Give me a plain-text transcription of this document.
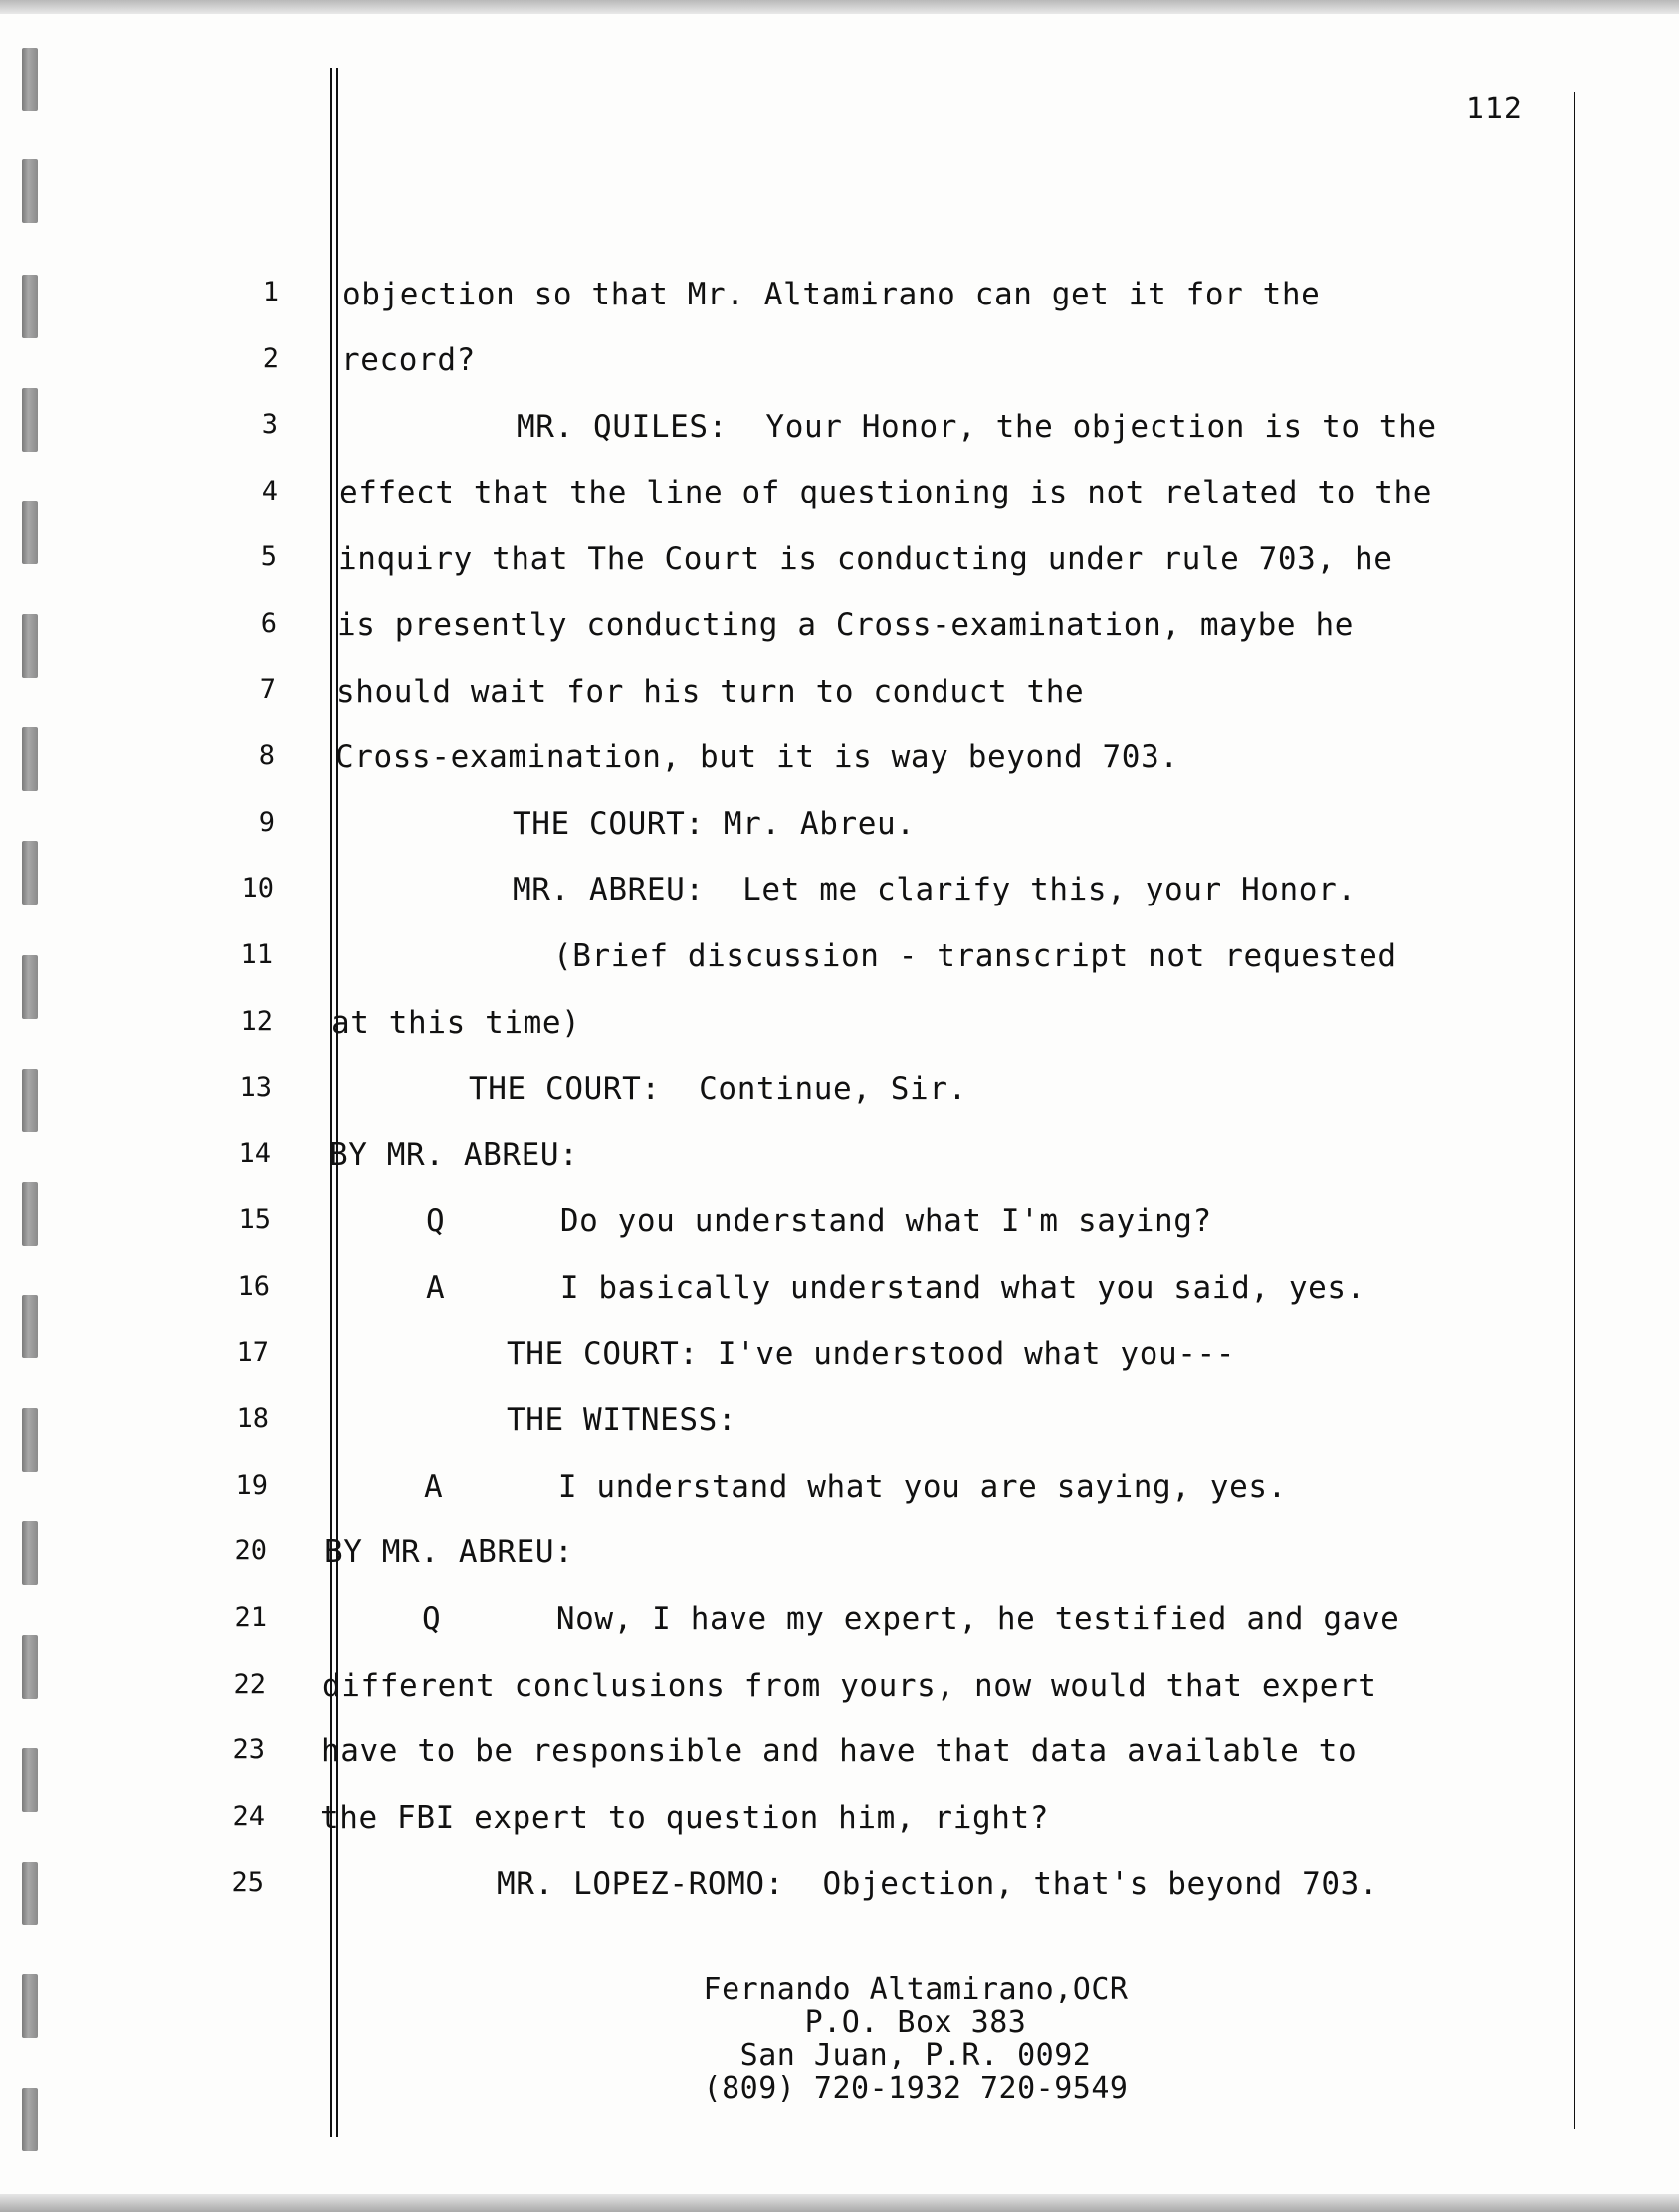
112
1
2
3
4
5
6
7
8
9
10
11
12
13
14
15
16
17
18
19
20
21
22
23
24
25
objection so that Mr. Altamirano can get it for the
record?
MR. QUILES:  Your Honor, the objection is to the
effect that the line of questioning is not related to the
inquiry that The Court is conducting under rule 703, he
is presently conducting a Cross-examination, maybe he
should wait for his turn to conduct the
Cross-examination, but it is way beyond 703.
THE COURT: Mr. Abreu.
MR. ABREU:  Let me clarify this, your Honor.
(Brief discussion - transcript not requested
at this time)
THE COURT:  Continue, Sir.
BY MR. ABREU:
Q      Do you understand what I'm saying?
A      I basically understand what you said, yes.
THE COURT: I've understood what you---
THE WITNESS:
A      I understand what you are saying, yes.
BY MR. ABREU:
Q      Now, I have my expert, he testified and gave
different conclusions from yours, now would that expert
have to be responsible and have that data available to
the FBI expert to question him, right?
MR. LOPEZ-ROMO:  Objection, that's beyond 703.
Fernando Altamirano,OCR
P.O. Box 383
San Juan, P.R. 0092
(809) 720-1932 720-9549
